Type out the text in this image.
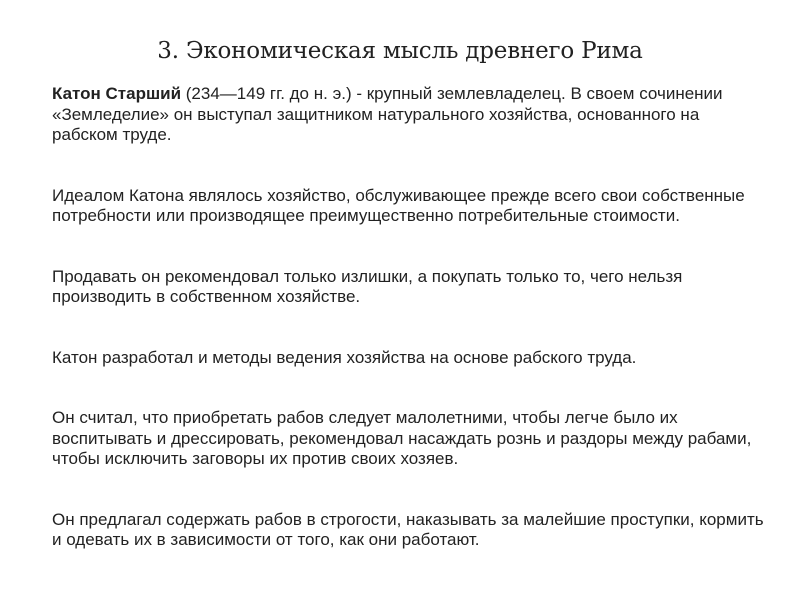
3. Экономическая мысль древнего Рима

Катон Старший (234—149 гг. до н. э.) - крупный землевладелец. В своем сочинении «Земледелие» он выступал защитником натурального хозяйства, основанного на рабском труде.

Идеалом Катона являлось хозяйство, обслуживающее прежде всего свои собственные потребности или производящее преимущественно потребительные стоимости.

Продавать он рекомендовал только излишки, а покупать только то, чего нельзя производить в собственном хозяйстве.

Катон разработал и методы ведения хозяйства на основе рабского труда.

Он считал, что приобретать рабов следует малолетними, чтобы легче было их воспитывать и дрессировать, рекомендовал насаждать рознь и раздоры между рабами, чтобы исключить заговоры их против своих хозяев.

Он предлагал содержать рабов в строгости, наказывать за малейшие проступки, кормить и одевать их в зависимости от того, как они работают.
